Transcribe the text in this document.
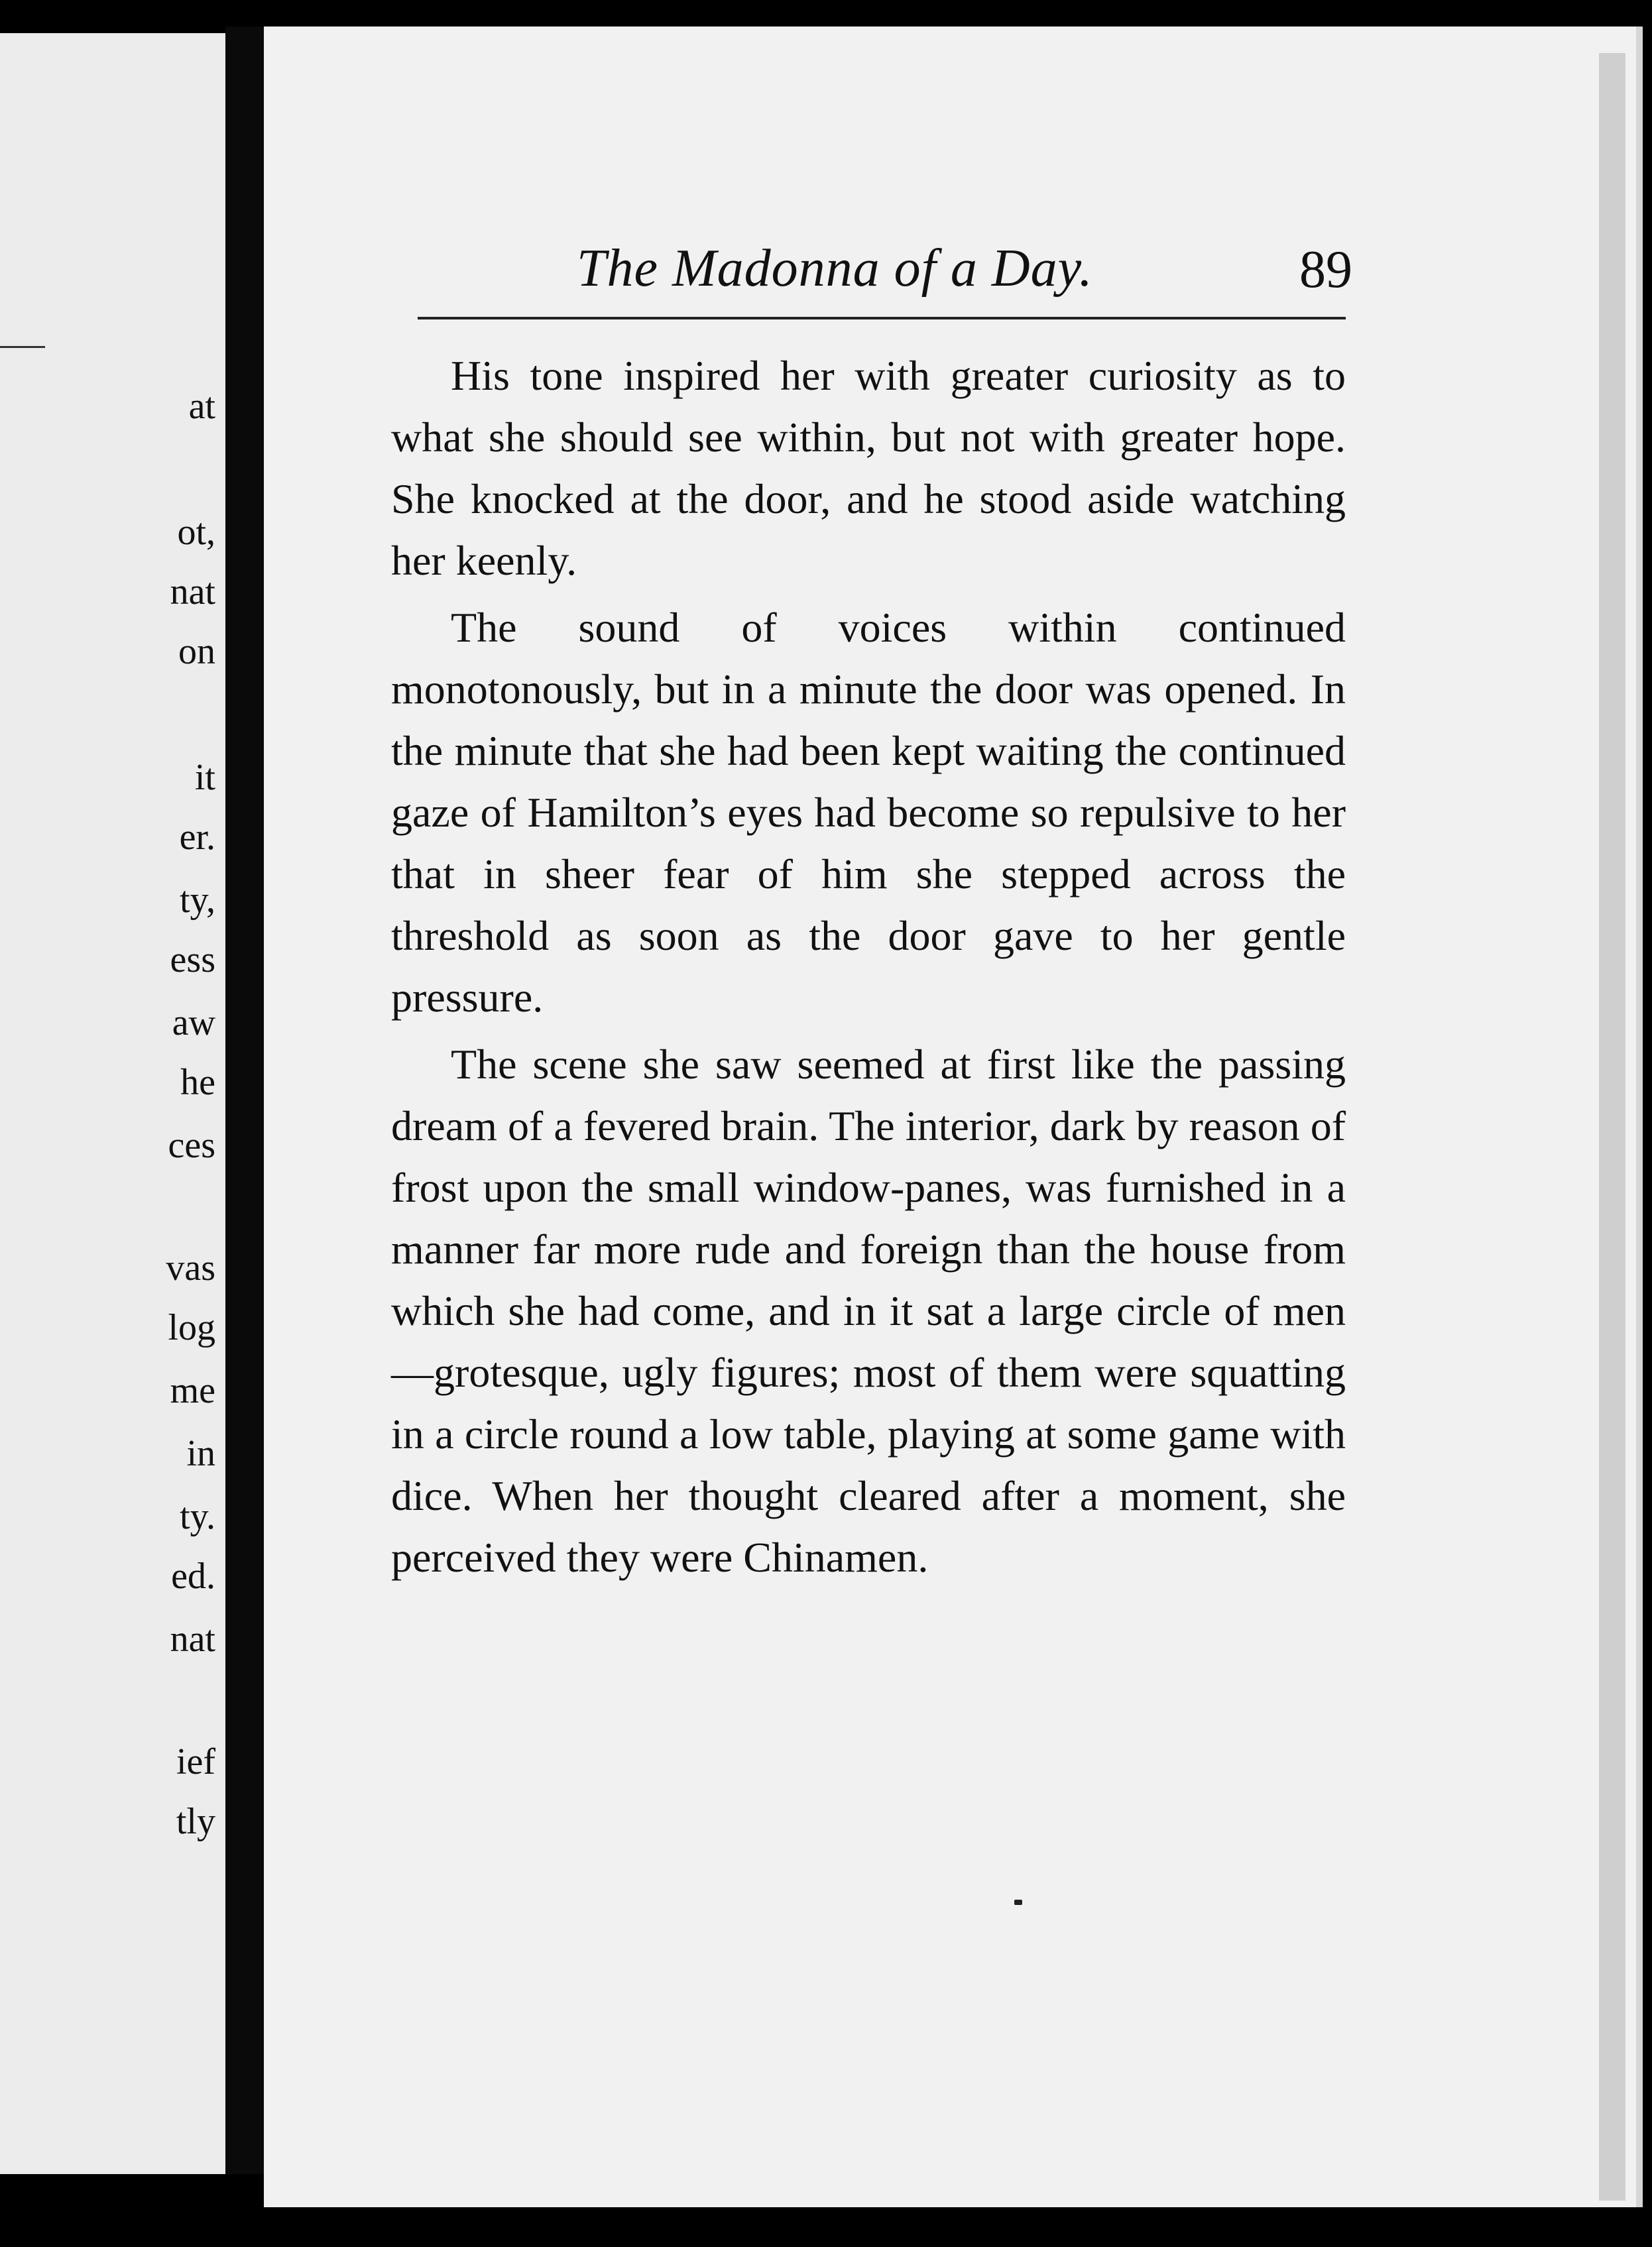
at
ot,
nat
on
it
er.
ty,
ess
aw
he
ces
vas
log
me
in
ty.
ed.
nat
ief
tly
The Madonna of a Day.	89

His tone inspired her with greater curiosity as to what she should see within, but not with greater hope. She knocked at the door, and he stood aside watching her keenly.

The sound of voices within continued monotonously, but in a minute the door was opened. In the minute that she had been kept waiting the continued gaze of Hamilton’s eyes had become so repulsive to her that in sheer fear of him she stepped across the threshold as soon as the door gave to her gentle pressure.

The scene she saw seemed at first like the passing dream of a fevered brain. The interior, dark by reason of frost upon the small window-panes, was furnished in a manner far more rude and foreign than the house from which she had come, and in it sat a large circle of men—grotesque, ugly figures; most of them were squatting in a circle round a low table, playing at some game with dice. When her thought cleared after a moment, she perceived they were Chinamen.
